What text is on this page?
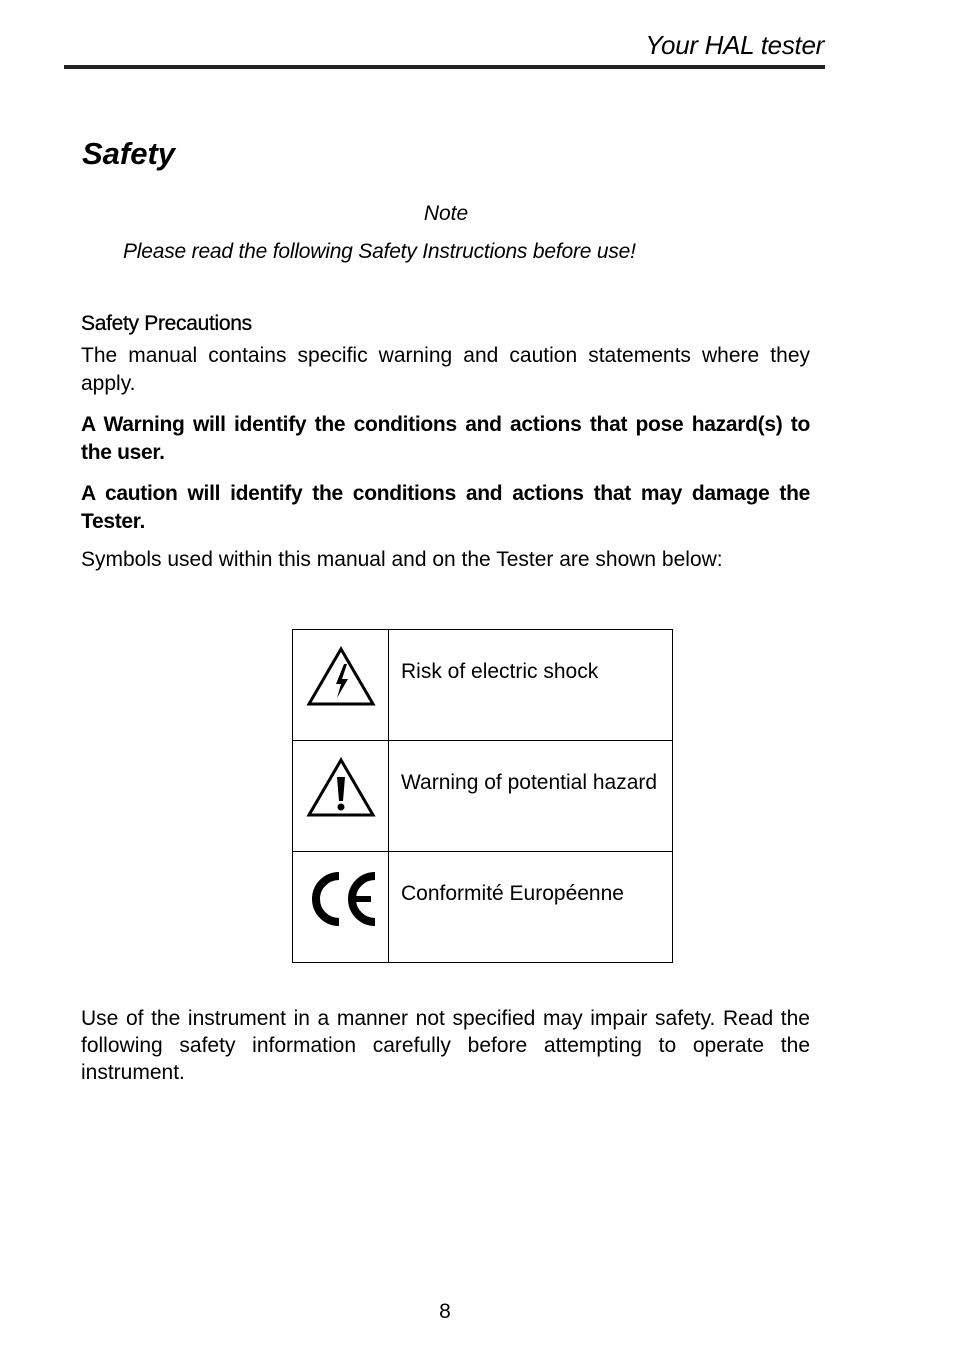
Your HAL tester
Safety
Note
Please read the following Safety Instructions before use!
Safety Precautions
The manual contains specific warning and caution statements where they apply.
A Warning will identify the conditions and actions that pose hazard(s) to the user.
A caution will identify the conditions and actions that may damage the Tester.
Symbols used within this manual and on the Tester are shown below:

Risk of electric shock

Warning of potential hazard

Conformité Européenne
Use of the instrument in a manner not specified may impair safety. Read the following safety information carefully before attempting to operate the instrument.
8
